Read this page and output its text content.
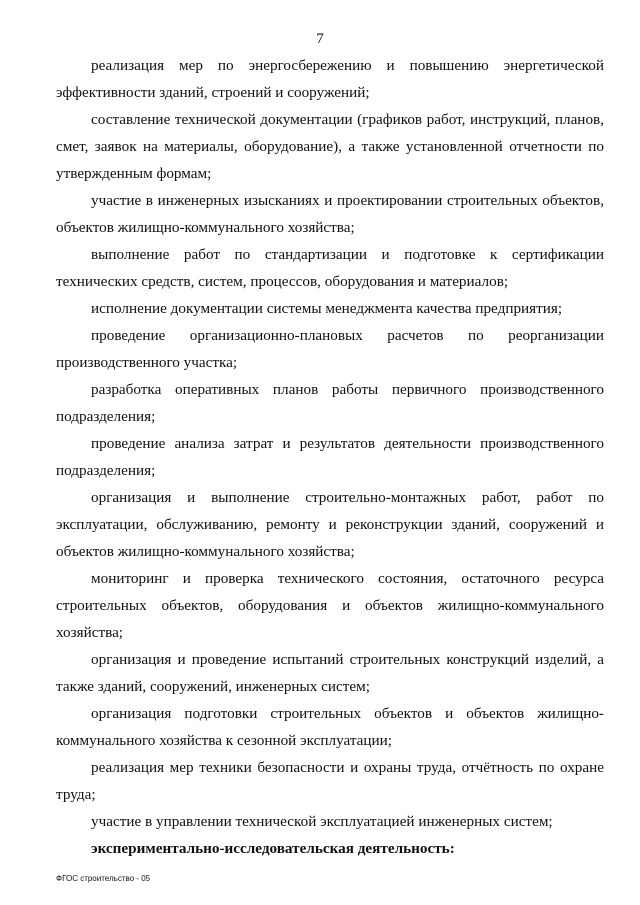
7

реализация мер по энергосбережению и повышению энергетической эффективности зданий, строений и сооружений;

составление технической документации (графиков работ, инструкций, планов, смет, заявок на материалы, оборудование), а также установленной отчетности по утвержденным формам;

участие в инженерных изысканиях и проектировании строительных объектов, объектов жилищно-коммунального хозяйства;

выполнение работ по стандартизации и подготовке к сертификации технических средств, систем, процессов, оборудования и материалов;

исполнение документации системы менеджмента качества предприятия;

проведение организационно-плановых расчетов по реорганизации производственного участка;

разработка оперативных планов работы первичного производственного подразделения;

проведение анализа затрат и результатов деятельности производственного подразделения;

организация и выполнение строительно-монтажных работ, работ по эксплуатации, обслуживанию, ремонту и реконструкции зданий, сооружений и объектов жилищно-коммунального хозяйства;

мониторинг и проверка технического состояния, остаточного ресурса строительных объектов, оборудования и объектов жилищно-коммунального хозяйства;

организация и проведение испытаний строительных конструкций изделий, а также зданий, сооружений, инженерных систем;

организация подготовки строительных объектов и объектов жилищно-коммунального хозяйства к сезонной эксплуатации;

реализация мер техники безопасности и охраны труда, отчётность по охране труда;

участие в управлении технической эксплуатацией инженерных систем;

экспериментально-исследовательская деятельность:

ФГОС строительство - 05
